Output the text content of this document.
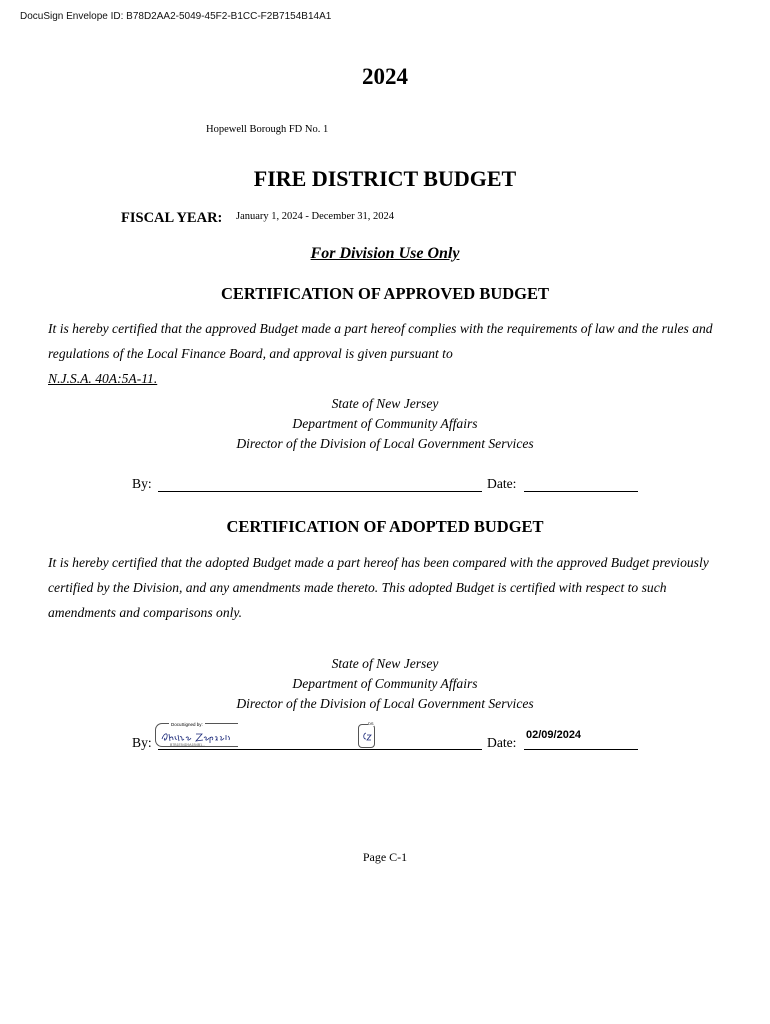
DocuSign Envelope ID: B78D2AA2-5049-45F2-B1CC-F2B7154B14A1
2024
Hopewell Borough FD No. 1
FIRE DISTRICT BUDGET
FISCAL YEAR: January 1, 2024 - December 31, 2024
For Division Use Only
CERTIFICATION OF APPROVED BUDGET
It is hereby certified that the approved Budget made a part hereof complies with the requirements of law and the rules and regulations of the Local Finance Board, and approval is given pursuant to
N.J.S.A. 40A:5A-11.
State of New Jersey
Department of Community Affairs
Director of the Division of Local Government Services
By:	Date:
CERTIFICATION OF ADOPTED BUDGET
It is hereby certified that the adopted Budget made a part hereof has been compared with the approved Budget previously certified by the Division, and any amendments made thereto. This adopted Budget is certified with respect to such amendments and comparisons only.
State of New Jersey
Department of Community Affairs
Director of the Division of Local Government Services
By:
DocuSigned by:
B7B1E54D9A1B4B1...
DS
Date: 02/09/2024
Page C-1
